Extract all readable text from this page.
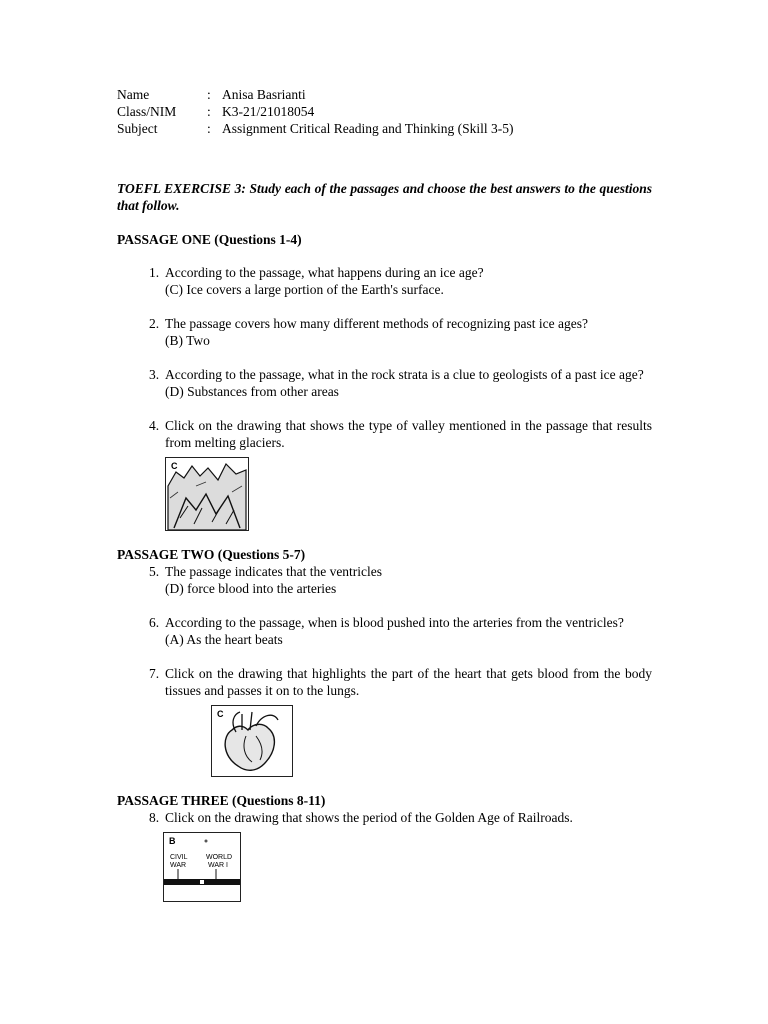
Name	: Anisa Basrianti
Class/NIM	: K3-21/21018054
Subject	: Assignment Critical Reading and Thinking (Skill 3-5)
TOEFL EXERCISE 3: Study each of the passages and choose the best answers to the questions that follow.
PASSAGE ONE (Questions 1-4)
1. According to the passage, what happens during an ice age?
(C) Ice covers a large portion of the Earth's surface.
2. The passage covers how many different methods of recognizing past ice ages?
(B) Two
3. According to the passage, what in the rock strata is a clue to geologists of a past ice age?
(D) Substances from other areas
4. Click on the drawing that shows the type of valley mentioned in the passage that results from melting glaciers.
C
PASSAGE TWO (Questions 5-7)
5. The passage indicates that the ventricles
(D) force blood into the arteries
6. According to the passage, when is blood pushed into the arteries from the ventricles?
(A) As the heart beats
7. Click on the drawing that highlights the part of the heart that gets blood from the body tissues and passes it on to the lungs.
C
PASSAGE THREE (Questions 8-11)
8. Click on the drawing that shows the period of the Golden Age of Railroads.
B
CIVIL WAR
WORLD WAR I
